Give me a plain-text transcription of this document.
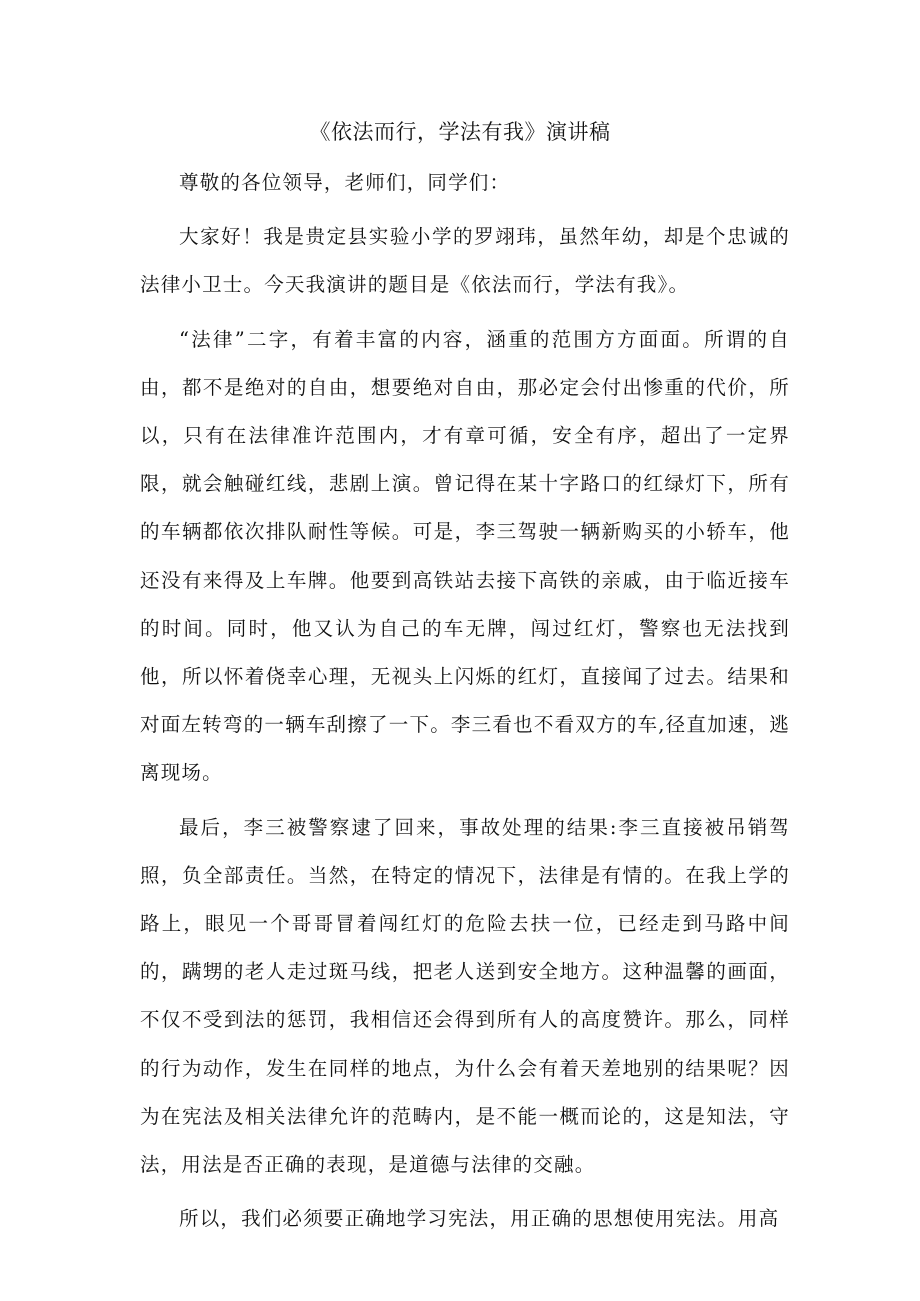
《依法而行，学法有我》演讲稿

尊敬的各位领导，老师们，同学们：

大家好！我是贵定县实验小学的罗翊玮，虽然年幼，却是个忠诚的法律小卫士。今天我演讲的题目是《依法而行，学法有我》。

“法律”二字，有着丰富的内容，涵重的范围方方面面。所谓的自由，都不是绝对的自由，想要绝对自由，那必定会付出惨重的代价，所以，只有在法律准许范围内，才有章可循，安全有序，超出了一定界限，就会触碰红线，悲剧上演。曾记得在某十字路口的红绿灯下，所有的车辆都依次排队耐性等候。可是，李三驾驶一辆新购买的小轿车，他还没有来得及上车牌。他要到高铁站去接下高铁的亲戚，由于临近接车的时间。同时，他又认为自己的车无牌，闯过红灯，警察也无法找到他，所以怀着侥幸心理，无视头上闪烁的红灯，直接闻了过去。结果和对面左转弯的一辆车刮擦了一下。李三看也不看双方的车,径直加速，逃离现场。

最后，李三被警察逮了回来，事故处理的结果:李三直接被吊销驾照，负全部责任。当然，在特定的情况下，法律是有情的。在我上学的路上，眼见一个哥哥冒着闯红灯的危险去扶一位，已经走到马路中间的，蹒甥的老人走过斑马线，把老人送到安全地方。这种温馨的画面，不仅不受到法的惩罚，我相信还会得到所有人的高度赞许。那么，同样的行为动作，发生在同样的地点，为什么会有着天差地别的结果呢？因为在宪法及相关法律允许的范畴内，是不能一概而论的，这是知法，守法，用法是否正确的表现，是道德与法律的交融。

所以，我们必须要正确地学习宪法，用正确的思想使用宪法。用高
